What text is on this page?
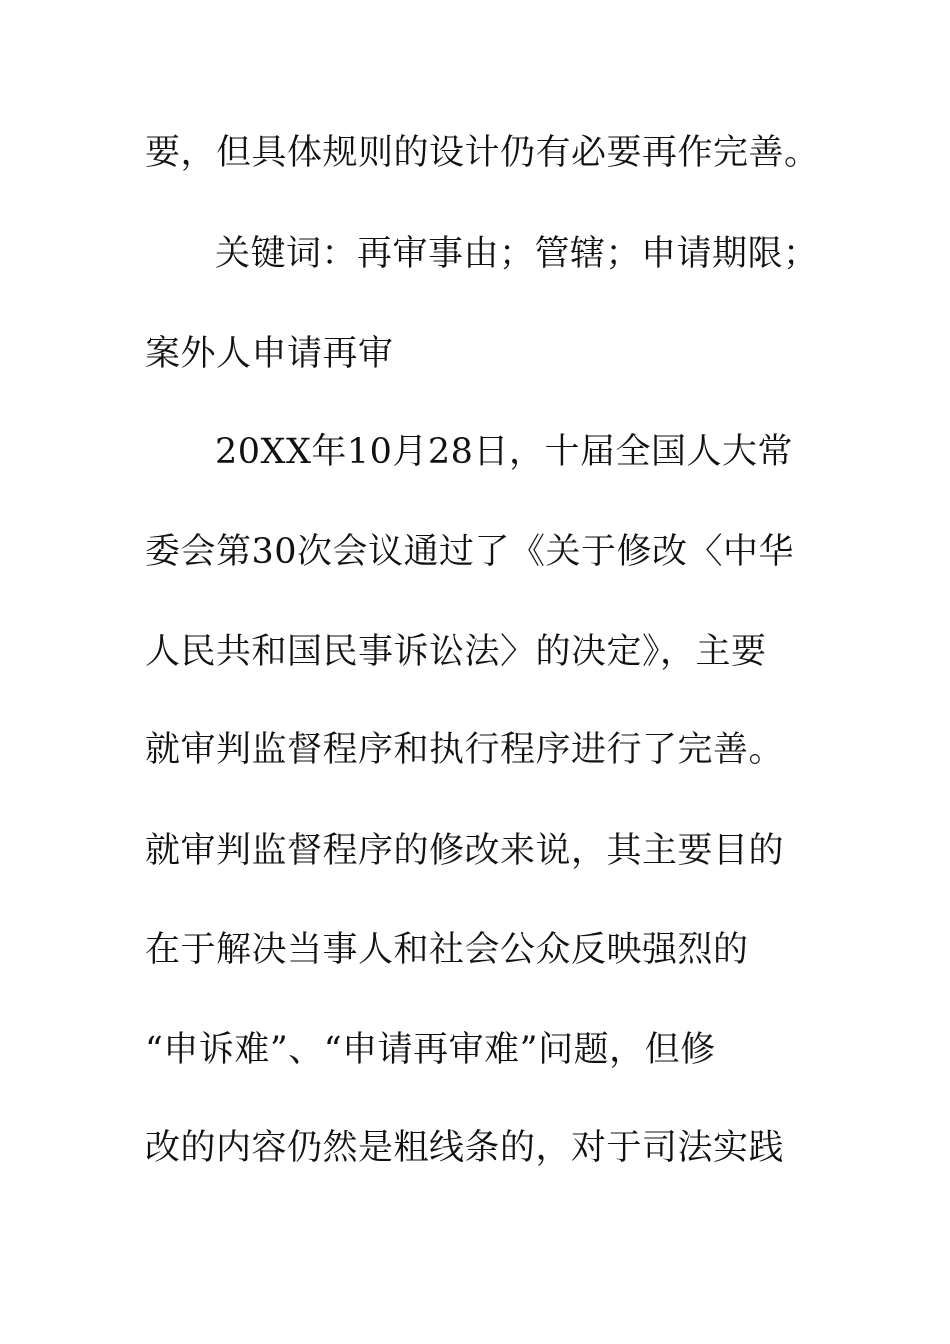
要，但具体规则的设计仍有必要再作完善。
关键词：再审事由；管辖；申请期限；
案外人申请再审
20XX年10月28日，十届全国人大常
委会第30次会议通过了《关于修改〈中华
人民共和国民事诉讼法〉的决定》，主要
就审判监督程序和执行程序进行了完善。
就审判监督程序的修改来说，其主要目的
在于解决当事人和社会公众反映强烈的
“申诉难”、“申请再审难”问题，但修
改的内容仍然是粗线条的，对于司法实践
